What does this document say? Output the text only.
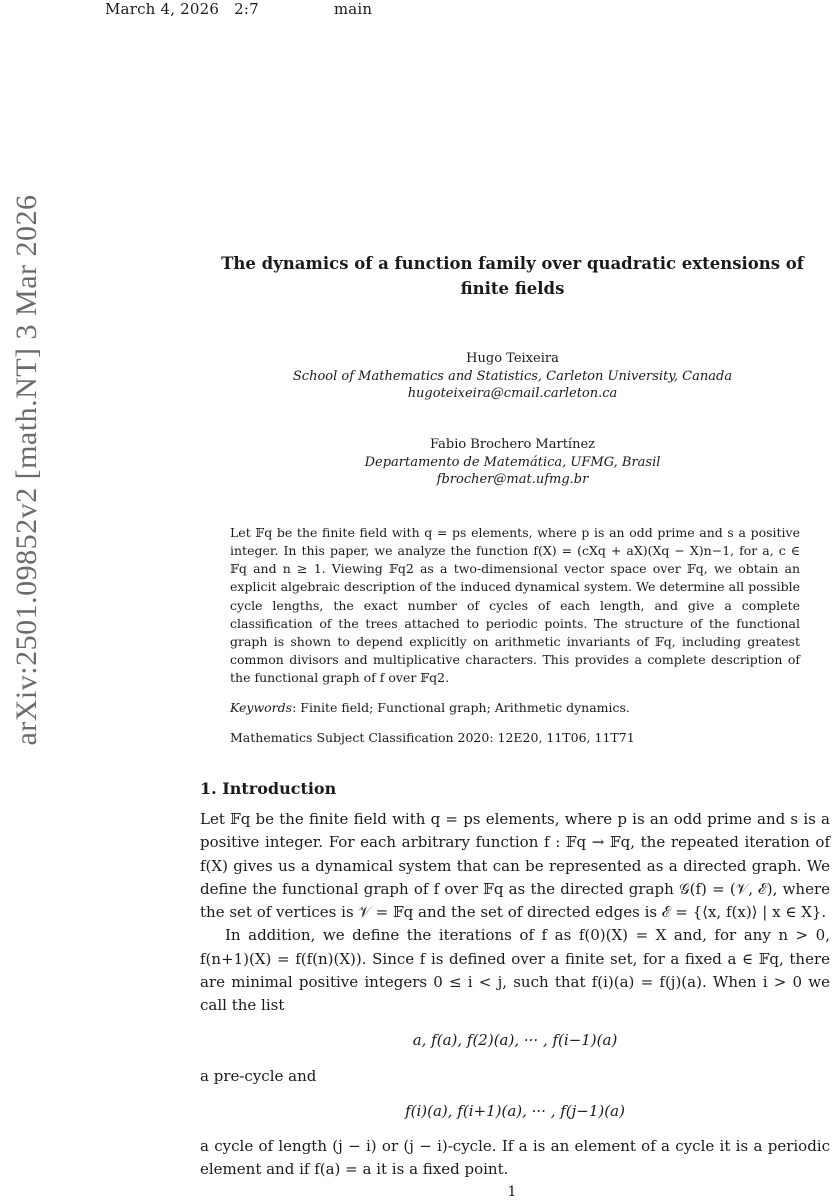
March 4, 2026 2:7	main
arXiv:2501.09852v2 [math.NT] 3 Mar 2026	The dynamics of a function family over quadratic extensions of finite fields
Hugo Teixeira
School of Mathematics and Statistics, Carleton University, Canada
hugoteixeira@cmail.carleton.ca
Fabio Brochero Martínez
Departamento de Matemática, UFMG, Brasil
fbrocher@mat.ufmg.br
Let 𝔽q be the finite field with q = ps elements, where p is an odd prime and s a positive integer. In this paper, we analyze the function f(X) = (cXq + aX)(Xq − X)n−1, for a, c ∈ 𝔽q and n ≥ 1. Viewing 𝔽q2 as a two-dimensional vector space over 𝔽q, we obtain an explicit algebraic description of the induced dynamical system. We determine all possible cycle lengths, the exact number of cycles of each length, and give a complete classification of the trees attached to periodic points. The structure of the functional graph is shown to depend explicitly on arithmetic invariants of 𝔽q, including greatest common divisors and multiplicative characters. This provides a complete description of the functional graph of f over 𝔽q2.
Keywords: Finite field; Functional graph; Arithmetic dynamics.
Mathematics Subject Classification 2020: 12E20, 11T06, 11T71
1. Introduction
Let 𝔽q be the finite field with q = ps elements, where p is an odd prime and s is a positive integer. For each arbitrary function f : 𝔽q → 𝔽q, the repeated iteration of f(X) gives us a dynamical system that can be represented as a directed graph. We define the functional graph of f over 𝔽q as the directed graph 𝒢(f) = (𝒱, ℰ), where the set of vertices is 𝒱 = 𝔽q and the set of directed edges is ℰ = {⟨x, f(x)⟩ | x ∈ X}.
In addition, we define the iterations of f as f(0)(X) = X and, for any n > 0, f(n+1)(X) = f(f(n)(X)). Since f is defined over a finite set, for a fixed a ∈ 𝔽q, there are minimal positive integers 0 ≤ i < j, such that f(i)(a) = f(j)(a). When i > 0 we call the list
a, f(a), f(2)(a), ··· , f(i−1)(a)
a pre-cycle and
f(i)(a), f(i+1)(a), ··· , f(j−1)(a)
a cycle of length (j − i) or (j − i)-cycle. If a is an element of a cycle it is a periodic element and if f(a) = a it is a fixed point.
1
